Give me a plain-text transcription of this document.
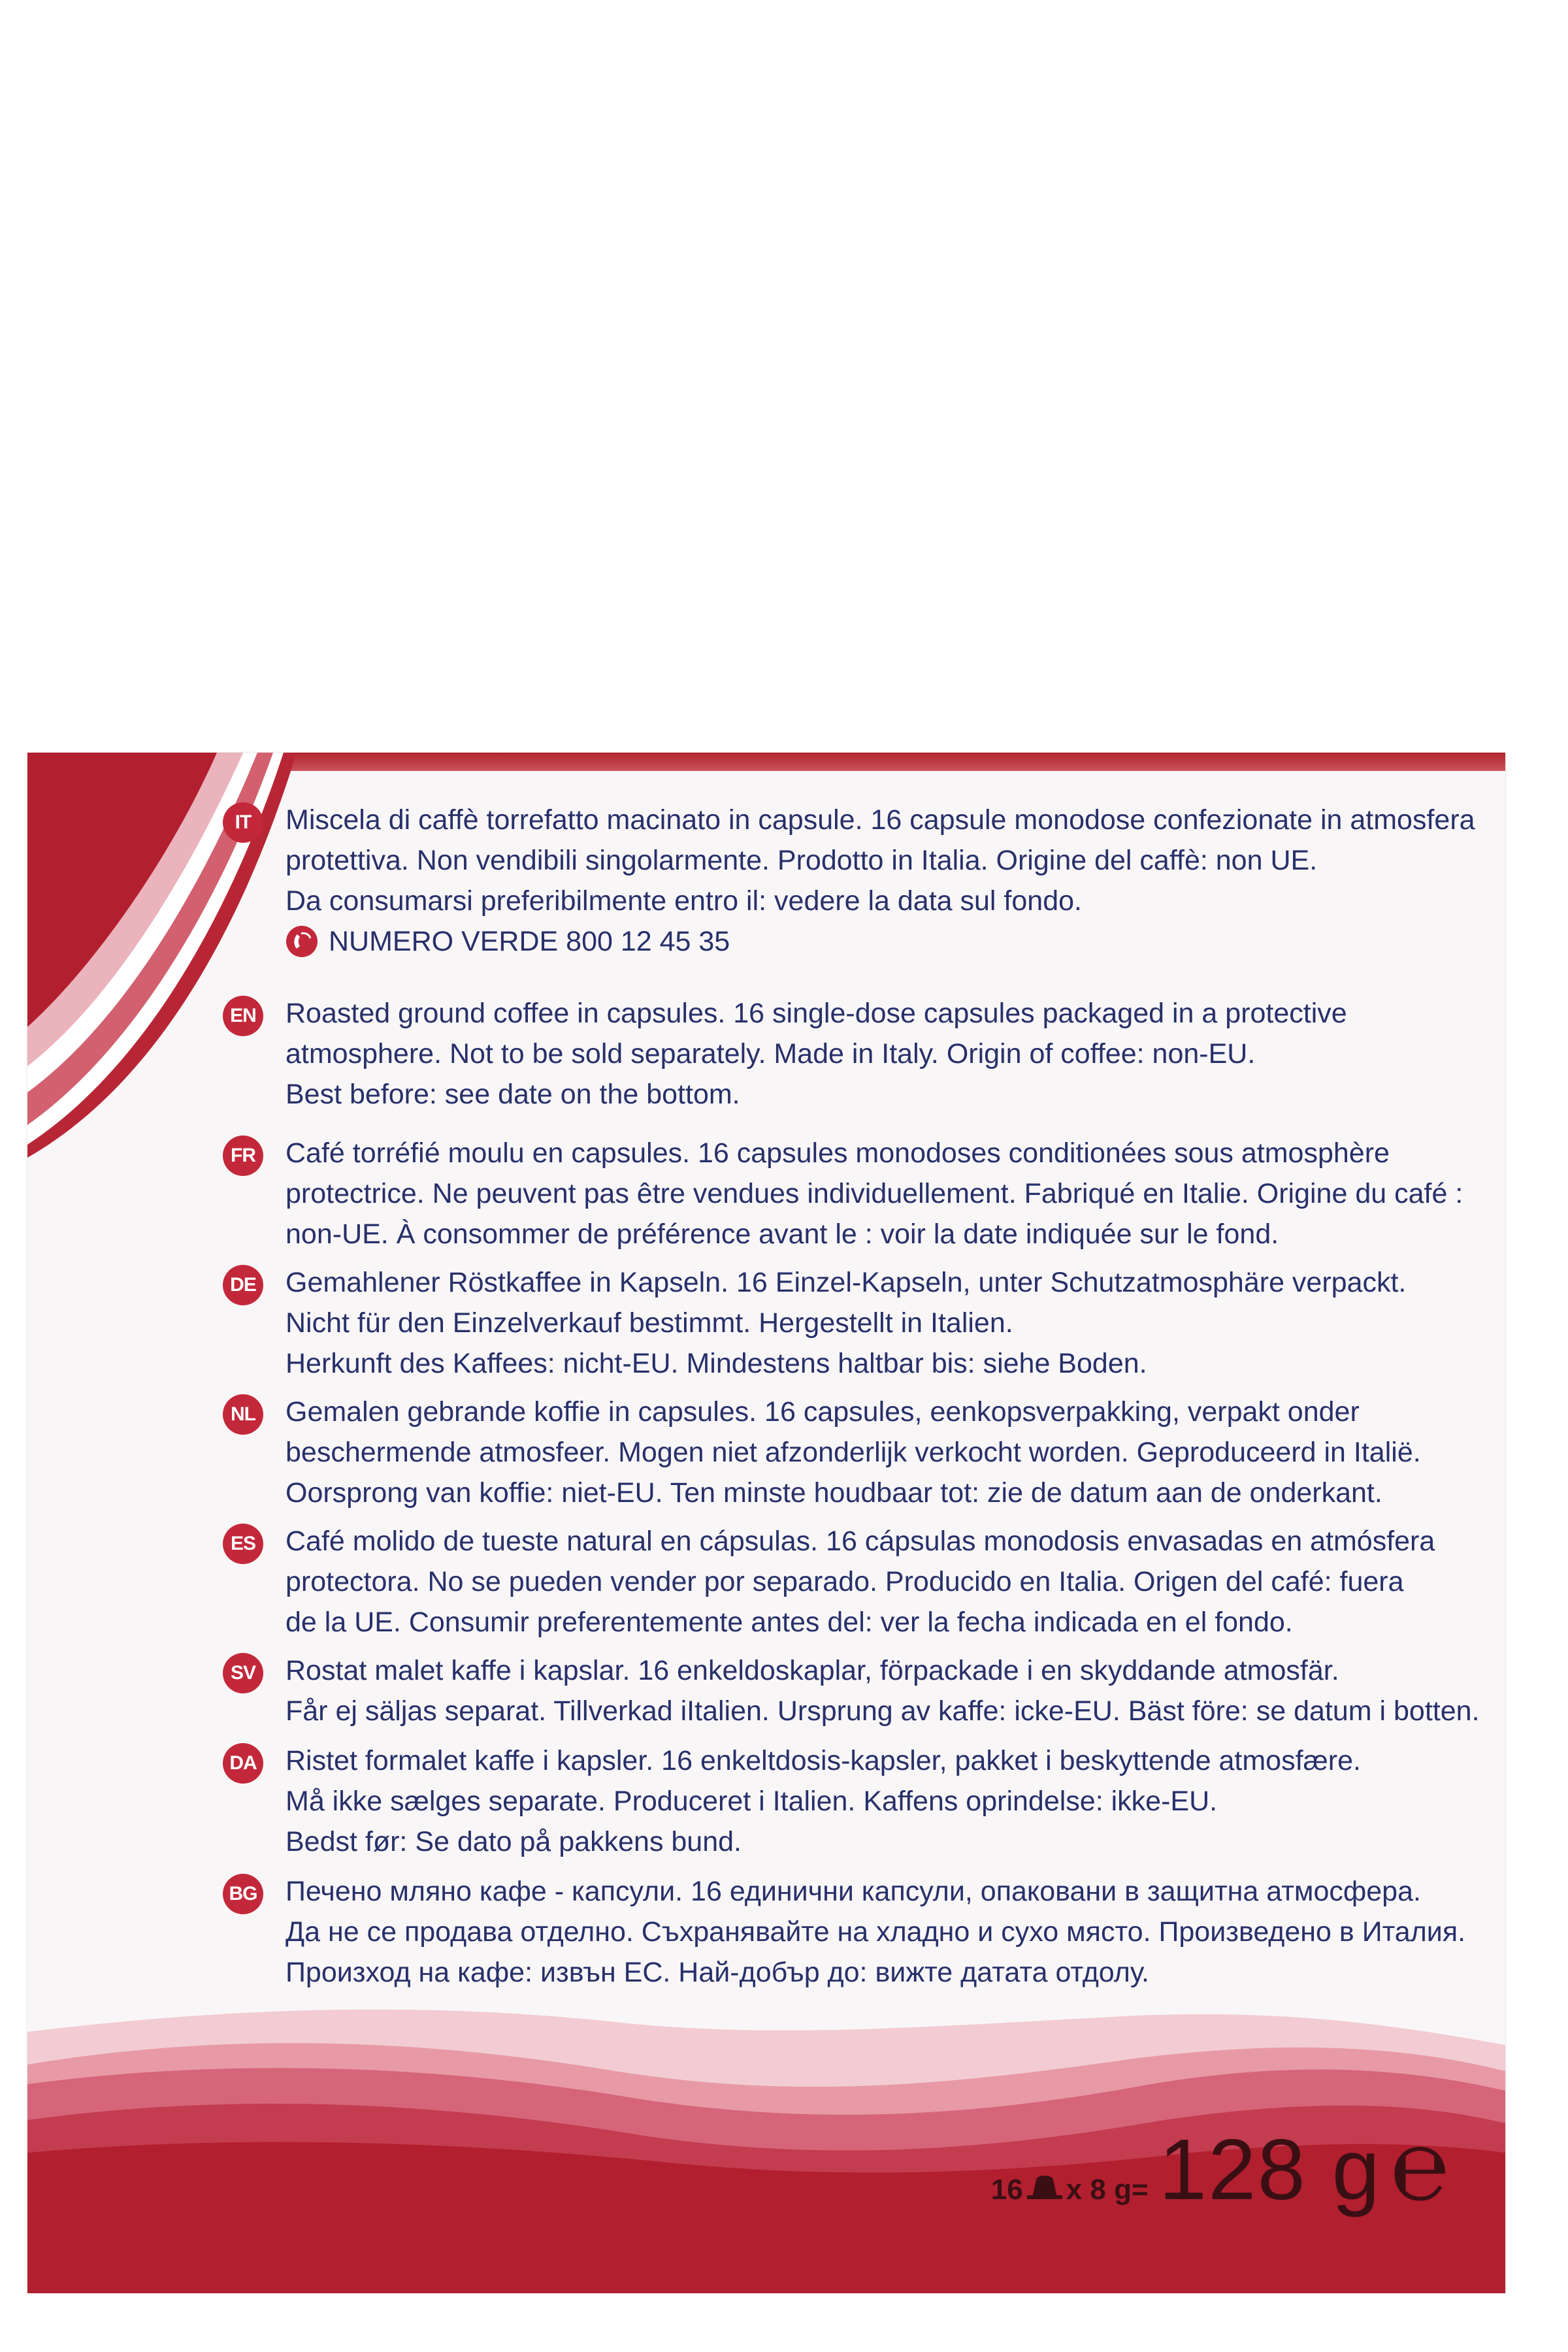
IT	Miscela di caffè torrefatto macinato in capsule. 16 capsule monodose confezionate in atmosfera
protettiva. Non vendibili singolarmente. Prodotto in Italia. Origine del caffè: non UE.
Da consumarsi preferibilmente entro il: vedere la data sul fondo.
NUMERO VERDE 800 12 45 35
EN Roasted ground coffee in capsules. 16 single-dose capsules packaged in a protective
atmosphere. Not to be sold separately. Made in Italy. Origin of coffee: non-EU.
Best before: see date on the bottom.
FR Café torréfié moulu en capsules. 16 capsules monodoses conditionées sous atmosphère
protectrice. Ne peuvent pas être vendues individuellement. Fabriqué en Italie. Origine du café :
non-UE. À consommer de préférence avant le : voir la date indiquée sur le fond.
DE Gemahlener Röstkaffee in Kapseln. 16 Einzel-Kapseln, unter Schutzatmosphäre verpackt.
Nicht für den Einzelverkauf bestimmt. Hergestellt in Italien.
Herkunft des Kaffees: nicht-EU. Mindestens haltbar bis: siehe Boden.
NL Gemalen gebrande koffie in capsules. 16 capsules, eenkopsverpakking, verpakt onder
beschermende atmosfeer. Mogen niet afzonderlijk verkocht worden. Geproduceerd in Italië.
Oorsprong van koffie: niet-EU. Ten minste houdbaar tot: zie de datum aan de onderkant.
ES Café molido de tueste natural en cápsulas. 16 cápsulas monodosis envasadas en atmósfera
protectora. No se pueden vender por separado. Producido en Italia. Origen del café: fuera
de la UE. Consumir preferentemente antes del: ver la fecha indicada en el fondo.
SV Rostat malet kaffe i kapslar. 16 enkeldoskaplar, förpackade i en skyddande atmosfär.
Får ej säljas separat. Tillverkad iItalien. Ursprung av kaffe: icke-EU. Bäst före: se datum i botten.
DA Ristet formalet kaffe i kapsler. 16 enkeltdosis-kapsler, pakket i beskyttende atmosfære.
Må ikke sælges separate. Produceret i Italien. Kaffens oprindelse: ikke-EU.
Bedst før: Se dato på pakkens bund.
BG Печено мляно кафе - капсули. 16 единични капсули, опаковани в защитна атмосфера.
Да не се продава отделно. Съхранявайте на хладно и сухо място. Произведено в Италия.
Произход на кафе: извън ЕС. Най-добър до: вижте датата отдолу.
16 x 8 g= 128 g ℮
